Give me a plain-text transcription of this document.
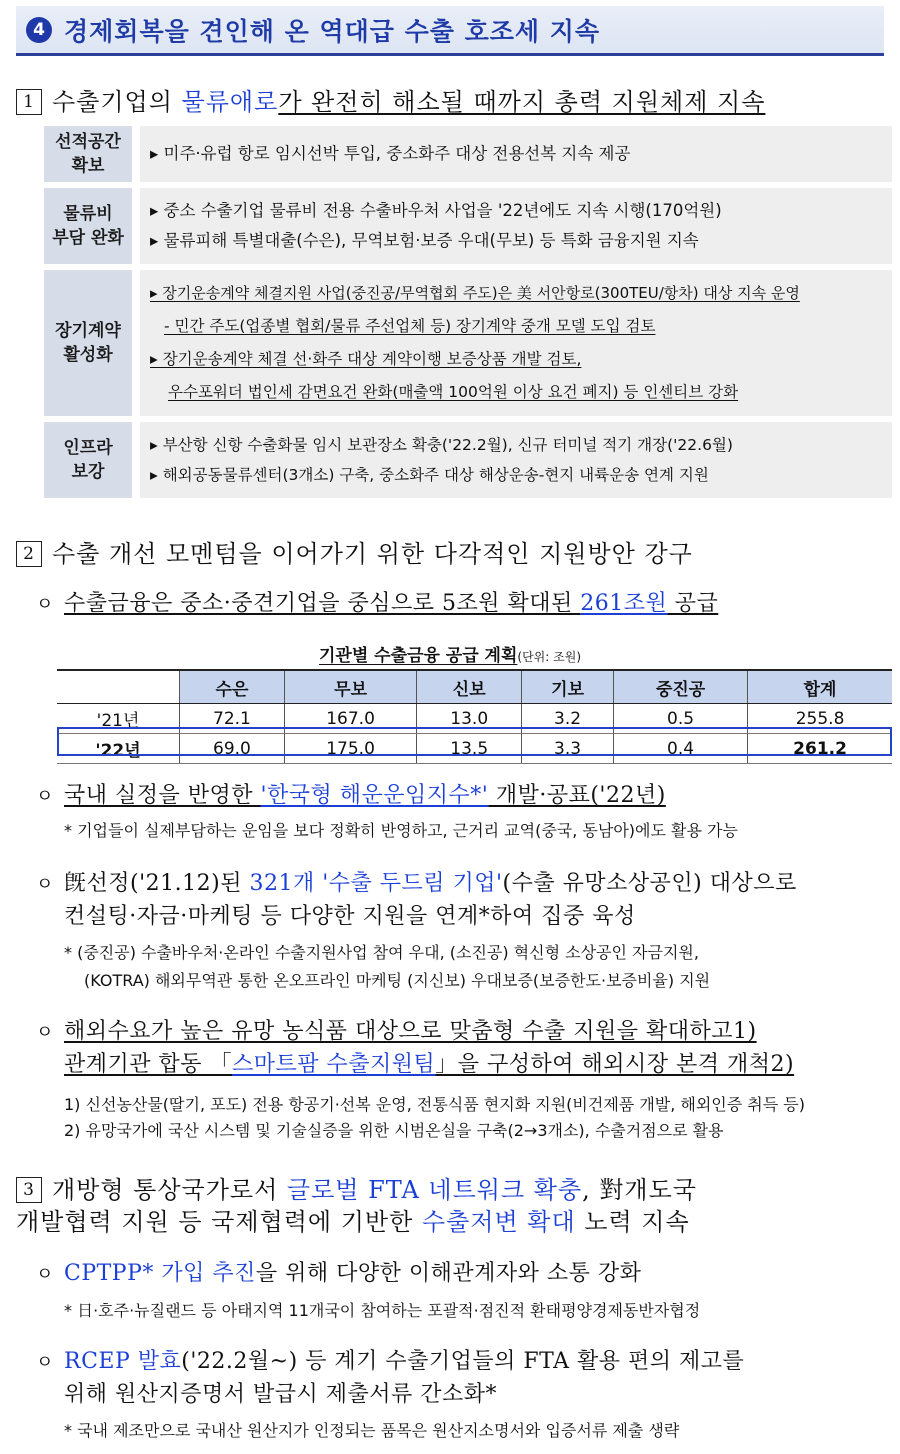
4 경제회복을 견인해 온 역대급 수출 호조세 지속
1 수출기업의 물류애로가 완전히 해소될 때까지 총력 지원체제 지속
선적공간
확보
▸ 미주·유럽 항로 임시선박 투입, 중소화주 대상 전용선복 지속 제공
물류비
부담 완화
▸ 중소 수출기업 물류비 전용 수출바우처 사업을 '22년에도 지속 시행(170억원)
▸ 물류피해 특별대출(수은), 무역보험·보증 우대(무보) 등 특화 금융지원 지속
장기계약
활성화
▸ 장기운송계약 체결지원 사업(중진공/무역협회 주도)은 美 서안항로(300TEU/항차) 대상 지속 운영
- 민간 주도(업종별 협회/물류 주선업체 등) 장기계약 중개 모델 도입 검토
▸ 장기운송계약 체결 선·화주 대상 계약이행 보증상품 개발 검토,
우수포워더 법인세 감면요건 완화(매출액 100억원 이상 요건 폐지) 등 인센티브 강화
인프라
보강
▸ 부산항 신항 수출화물 임시 보관장소 확충('22.2월), 신규 터미널 적기 개장('22.6월)
▸ 해외공동물류센터(3개소) 구축, 중소화주 대상 해상운송-현지 내륙운송 연계 지원
2 수출 개선 모멘텀을 이어가기 위한 다각적인 지원방안 강구
ㅇ 수출금융은 중소·중견기업을 중심으로 5조원 확대된 261조원 공급
기관별 수출금융 공급 계획(단위: 조원)
	수은	무보	신보	기보	중진공	합계
'21년	72.1	167.0	13.0	3.2	0.5	255.8
'22년	69.0	175.0	13.5	3.3	0.4	261.2
ㅇ 국내 실정을 반영한 '한국형 해운운임지수*' 개발·공표('22년)
* 기업들이 실제부담하는 운임을 보다 정확히 반영하고, 근거리 교역(중국, 동남아)에도 활용 가능
ㅇ 旣선정('21.12)된 321개 '수출 두드림 기업'(수출 유망소상공인) 대상으로
컨설팅·자금·마케팅 등 다양한 지원을 연계*하여 집중 육성
* (중진공) 수출바우처·온라인 수출지원사업 참여 우대, (소진공) 혁신형 소상공인 자금지원,
(KOTRA) 해외무역관 통한 온오프라인 마케팅 (지신보) 우대보증(보증한도·보증비율) 지원
ㅇ 해외수요가 높은 유망 농식품 대상으로 맞춤형 수출 지원을 확대하고1)
관계기관 합동 「스마트팜 수출지원팀」을 구성하여 해외시장 본격 개척2)
1) 신선농산물(딸기, 포도) 전용 항공기·선복 운영, 전통식품 현지화 지원(비건제품 개발, 해외인증 취득 등)
2) 유망국가에 국산 시스템 및 기술실증을 위한 시범온실을 구축(2→3개소), 수출거점으로 활용
3 개방형 통상국가로서 글로벌 FTA 네트워크 확충, 對개도국
개발협력 지원 등 국제협력에 기반한 수출저변 확대 노력 지속
ㅇ CPTPP* 가입 추진을 위해 다양한 이해관계자와 소통 강화
* 日·호주·뉴질랜드 등 아태지역 11개국이 참여하는 포괄적·점진적 환태평양경제동반자협정
ㅇ RCEP 발효('22.2월~) 등 계기 수출기업들의 FTA 활용 편의 제고를
위해 원산지증명서 발급시 제출서류 간소화*
* 국내 제조만으로 국내산 원산지가 인정되는 품목은 원산지소명서와 입증서류 제출 생략
